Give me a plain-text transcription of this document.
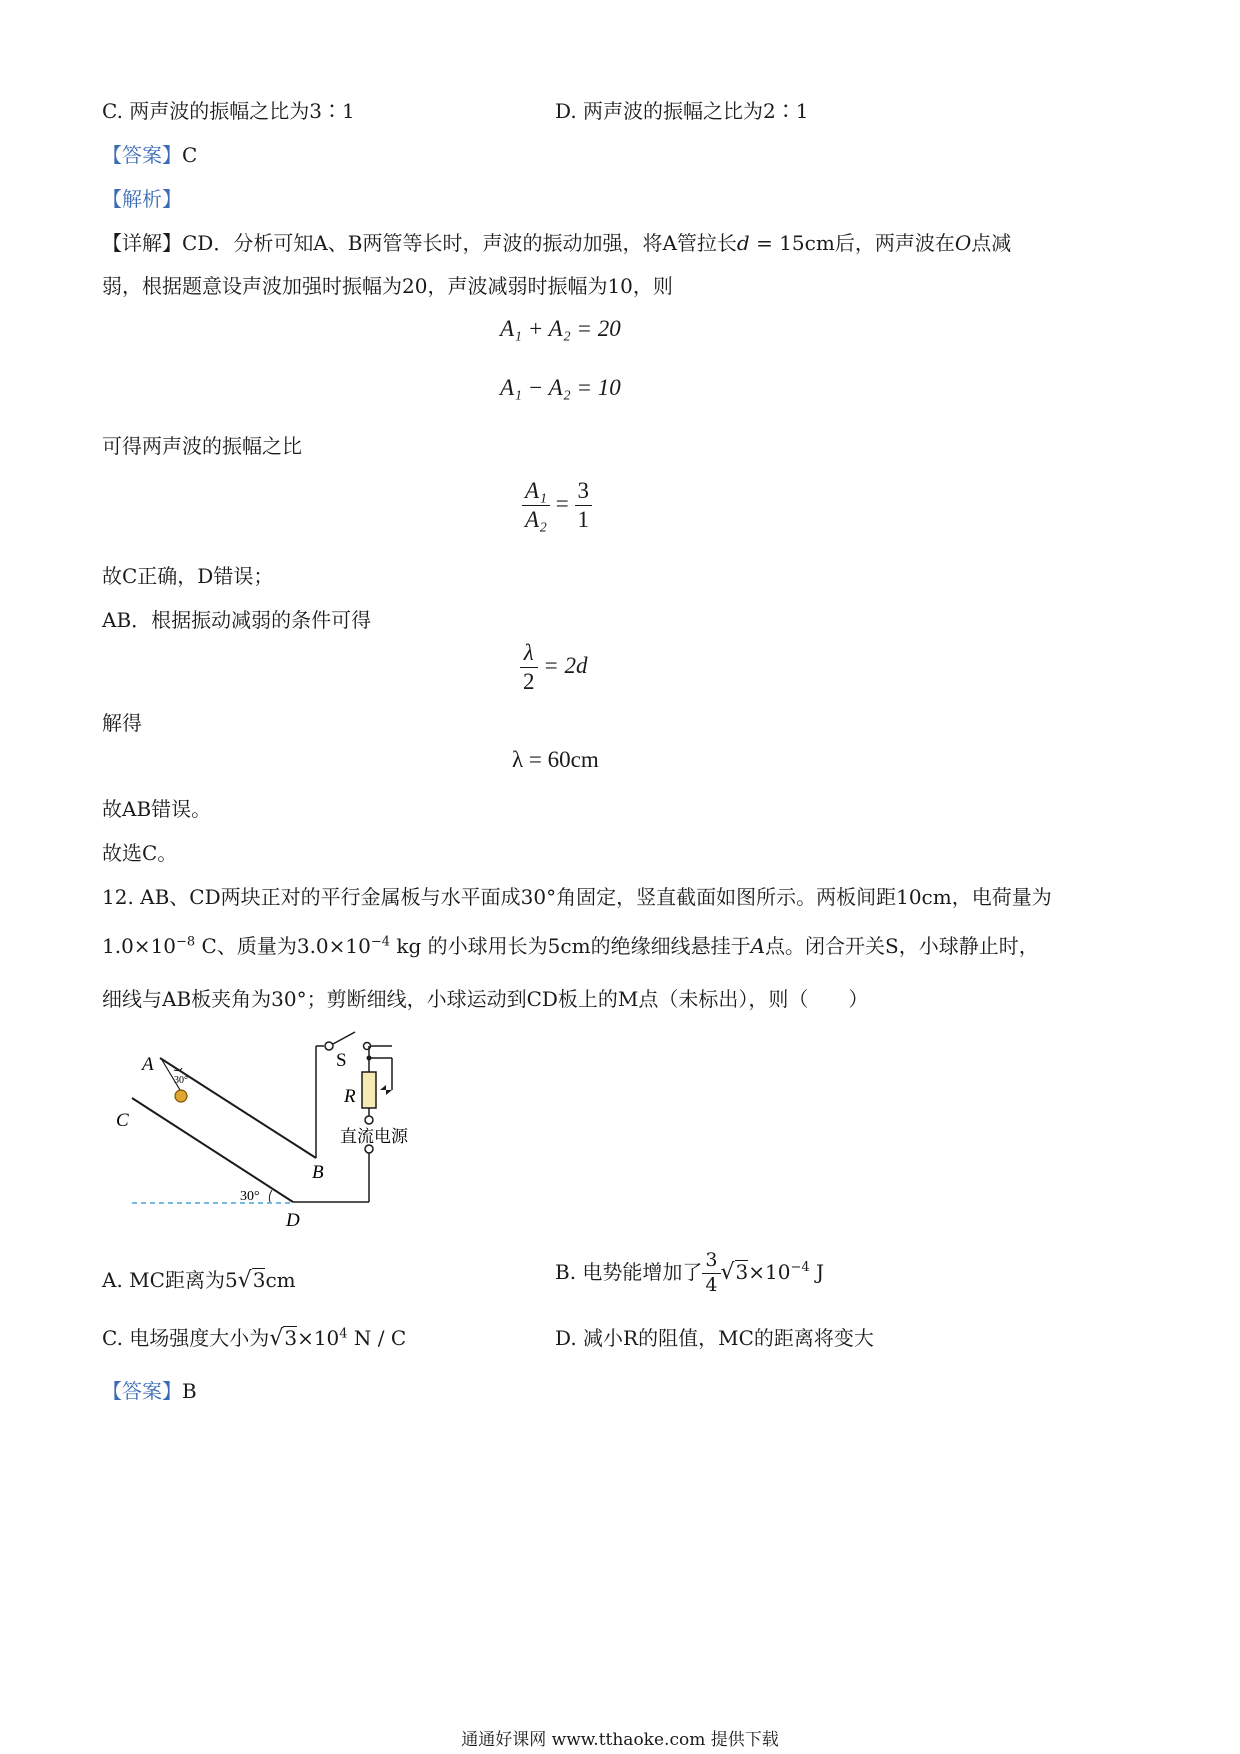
C. 两声波的振幅之比为3∶1	D. 两声波的振幅之比为2∶1
【答案】C
【解析】
【详解】CD．分析可知A、B两管等长时，声波的振动加强，将A管拉长d = 15cm后，两声波在O点减
弱，根据题意设声波加强时振幅为20，声波减弱时振幅为10，则
A₁ + A₂ = 20
A₁ − A₂ = 10
可得两声波的振幅之比
$\frac{\text{A₁}}{\text{A₂}} = \frac{3}{1}$
故C正确，D错误；
AB．根据振动减弱的条件可得
$\frac{\lambda}{2} = 2d$
解得
λ = 60cm
故AB错误。
故选C。
12. AB、CD两块正对的平行金属板与水平面成30°角固定，竖直截面如图所示。两板间距10cm，电荷量为
$1.0\times 10^{-8}$ C、质量为$3.0\times 10^{-4}$ kg 的小球用长为5cm的绝缘细线悬挂于A点。闭合开关S，小球静止时，
细线与AB板夹角为30°；剪断细线，小球运动到CD板上的M点（未标出），则（　　）
A
B
C
D
S
R
直流电源
30°
30°
A. MC距离为5√3cm	B. 电势能增加了 $\frac{3}{4} √3\times 10^{-4}$ J
C. 电场强度大小为$√3\times 10^4$ N / C	D. 减小R的阻值，MC的距离将变大
【答案】B
通通好课网 www.tthaoke.com 提供下载
